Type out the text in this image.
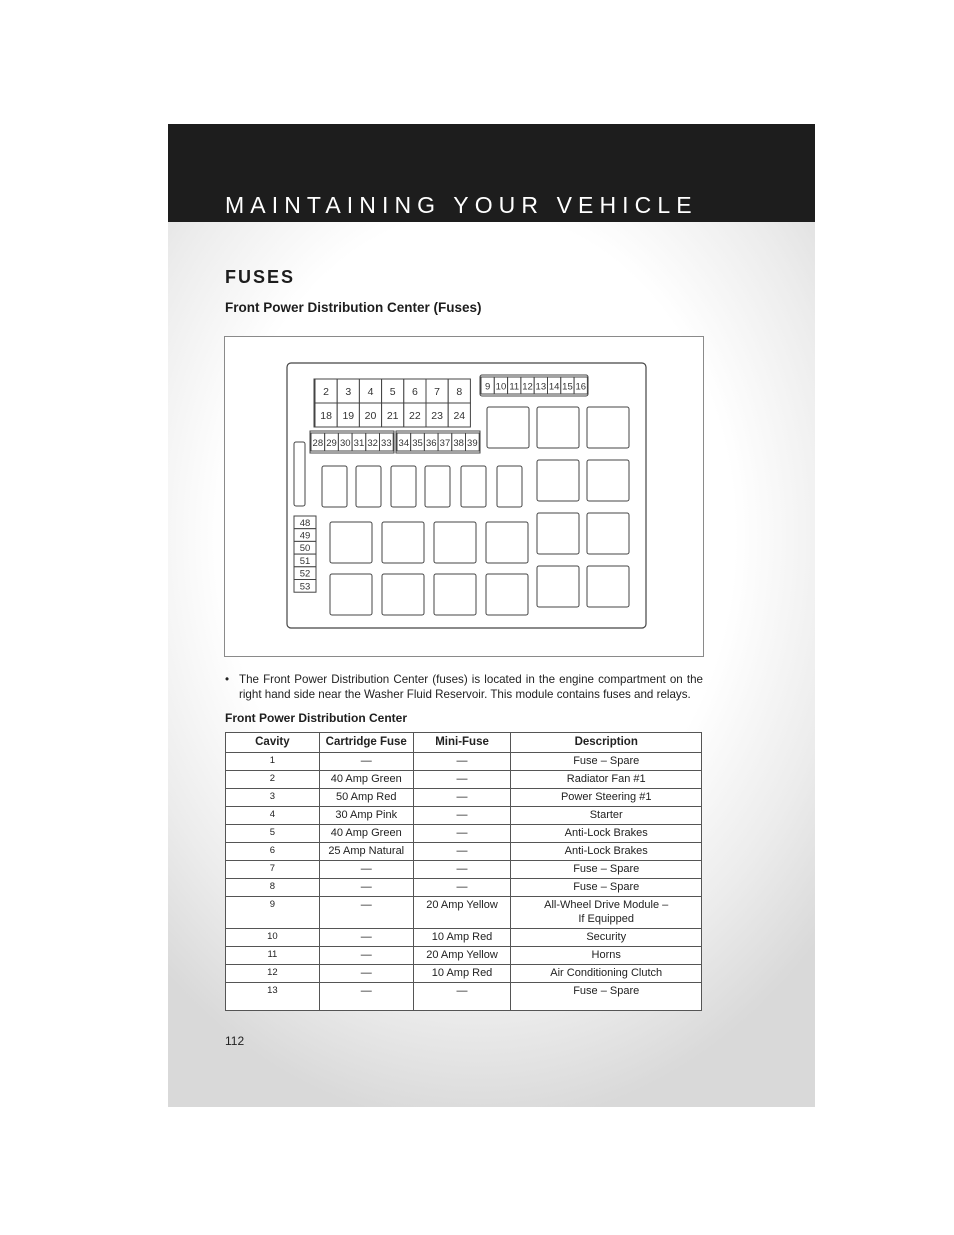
MAINTAINING YOUR VEHICLE
FUSES
Front Power Distribution Center (Fuses)
2 3 4 5 6 7 8
18 19 20 21 22 23 24
9 10 11 12 13 14 15 16
28 29 30 31 32 33 34 35 36 37 38 39
48
49
50
51
52
53
• The Front Power Distribution Center (fuses) is located in the engine compartment on the right hand side near the Washer Fluid Reservoir. This module contains fuses and relays.
Front Power Distribution Center
Cavity	Cartridge Fuse	Mini-Fuse	Description
1	—	—	Fuse – Spare
2	40 Amp Green	—	Radiator Fan #1
3	50 Amp Red	—	Power Steering #1
4	30 Amp Pink	—	Starter
5	40 Amp Green	—	Anti-Lock Brakes
6	25 Amp Natural	—	Anti-Lock Brakes
7	—	—	Fuse – Spare
8	—	—	Fuse – Spare
9	—	20 Amp Yellow	All-Wheel Drive Module –
If Equipped

10	—	10 Amp Red	Security
11	—	20 Amp Yellow	Horns
12	—	10 Amp Red	Air Conditioning Clutch
13	—	—	Fuse – Spare
112
